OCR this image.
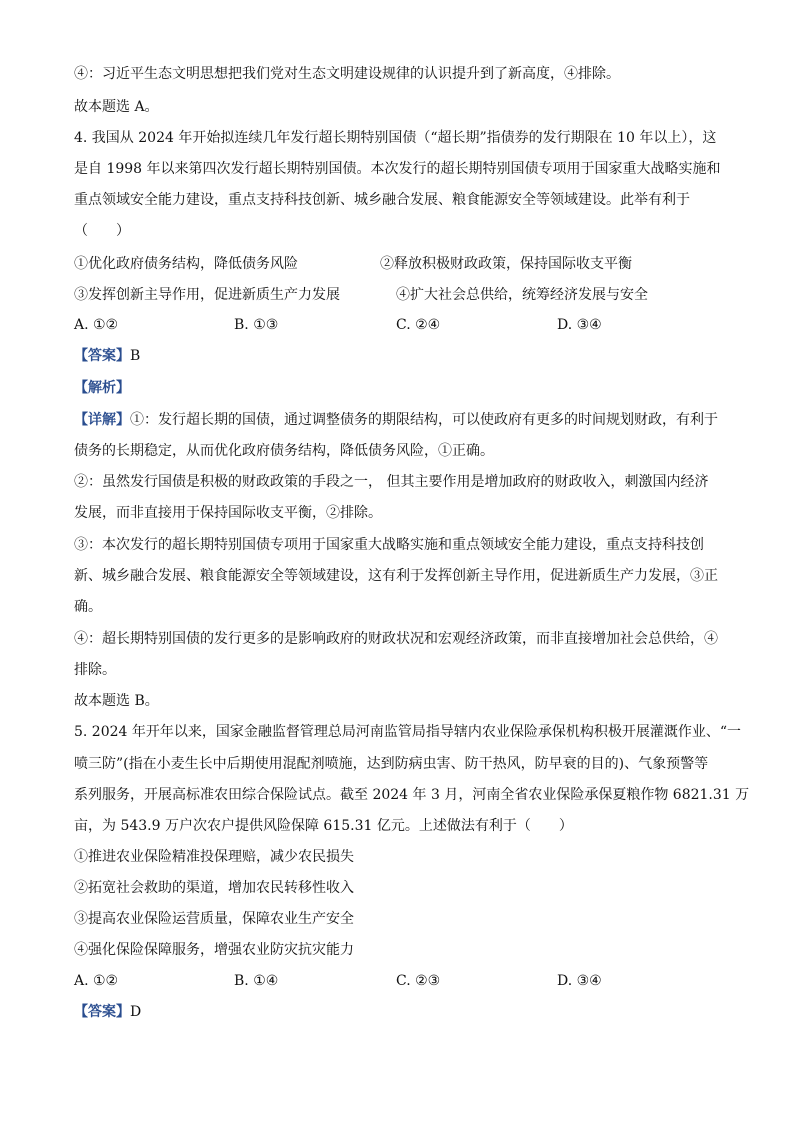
④：习近平生态文明思想把我们党对生态文明建设规律的认识提升到了新高度，④排除。
故本题选 A。
4. 我国从 2024 年开始拟连续几年发行超长期特别国债（“超长期”指债券的发行期限在 10 年以上），这
是自 1998 年以来第四次发行超长期特别国债。本次发行的超长期特别国债专项用于国家重大战略实施和
重点领域安全能力建设，重点支持科技创新、城乡融合发展、粮食能源安全等领域建设。此举有利于
（　　）
①优化政府债务结构，降低债务风险	②释放积极财政政策，保持国际收支平衡
③发挥创新主导作用，促进新质生产力发展	④扩大社会总供给，统筹经济发展与安全
A. ①②	B. ①③	C. ②④	D. ③④
【答案】B
【解析】
【详解】①：发行超长期的国债，通过调整债务的期限结构，可以使政府有更多的时间规划财政，有利于
债务的长期稳定，从而优化政府债务结构，降低债务风险，①正确。
②：虽然发行国债是积极的财政政策的手段之一， 但其主要作用是增加政府的财政收入，刺激国内经济
发展，而非直接用于保持国际收支平衡，②排除。
③：本次发行的超长期特别国债专项用于国家重大战略实施和重点领域安全能力建设，重点支持科技创
新、城乡融合发展、粮食能源安全等领域建设，这有利于发挥创新主导作用，促进新质生产力发展，③正
确。
④：超长期特别国债的发行更多的是影响政府的财政状况和宏观经济政策，而非直接增加社会总供给，④
排除。
故本题选 B。
5. 2024 年开年以来，国家金融监督管理总局河南监管局指导辖内农业保险承保机构积极开展灌溉作业、“一
喷三防”(指在小麦生长中后期使用混配剂喷施，达到防病虫害、防干热风，防早衰的目的)、气象预警等
系列服务，开展高标准农田综合保险试点。截至 2024 年 3 月，河南全省农业保险承保夏粮作物 6821.31 万
亩，为 543.9 万户次农户提供风险保障 615.31 亿元。上述做法有利于（　　）
①推进农业保险精准投保理赔，减少农民损失
②拓宽社会救助的渠道，增加农民转移性收入
③提高农业保险运营质量，保障农业生产安全
④强化保险保障服务，增强农业防灾抗灾能力
A. ①②	B. ①④	C. ②③	D. ③④
【答案】D
